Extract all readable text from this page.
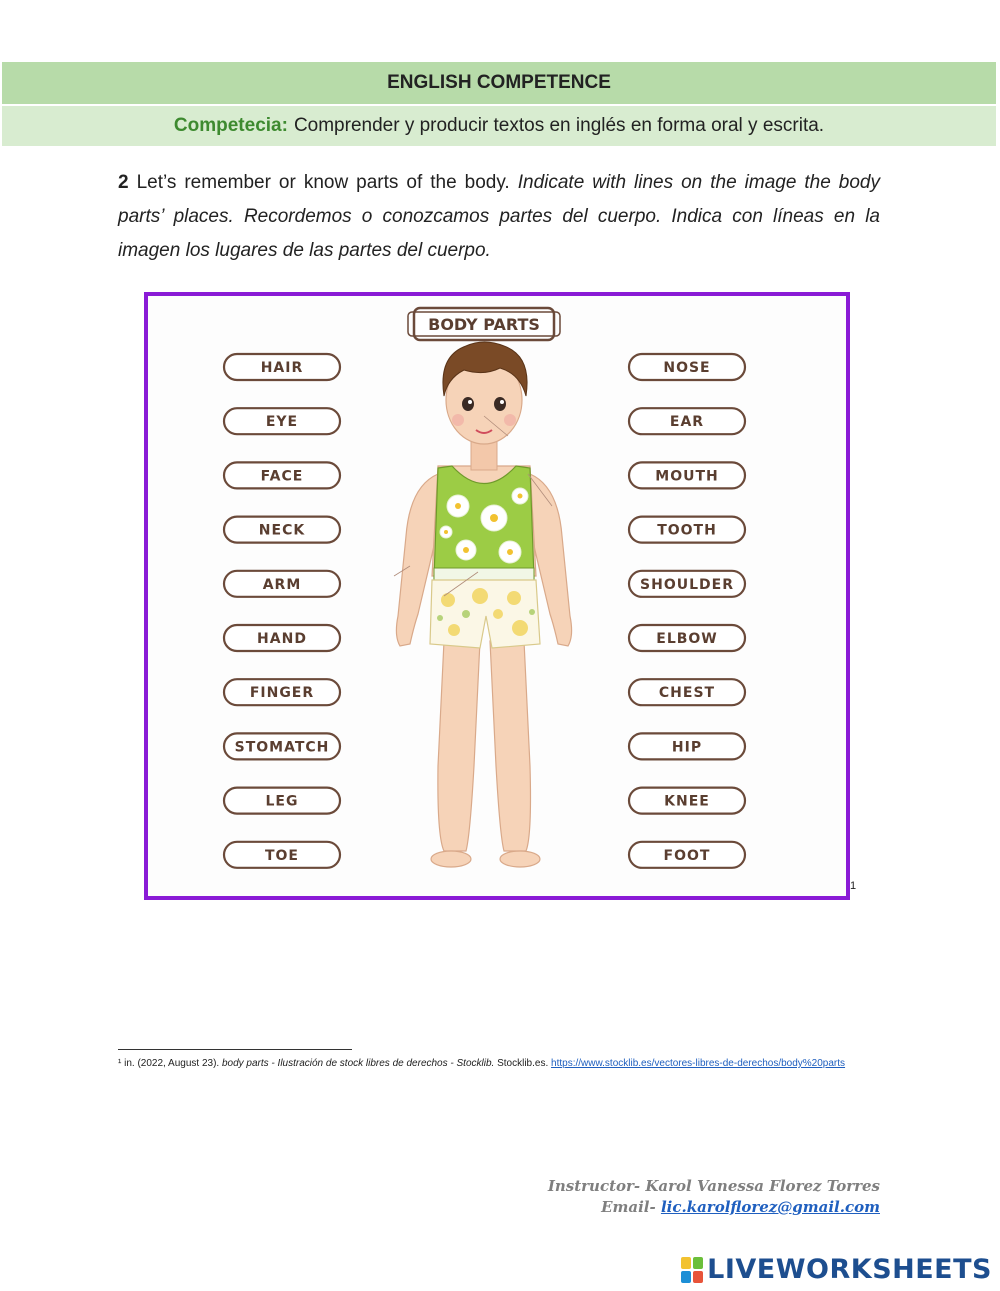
ENGLISH COMPETENCE
Competecia: Comprender y producir textos en inglés en forma oral y escrita.
2 Let’s remember or know parts of the body. Indicate with lines on the image the body parts’ places. Recordemos o conozcamos partes del cuerpo. Indica con líneas en la imagen los lugares de las partes del cuerpo.
BODY PARTS
HAIR
EYE
FACE
NECK
ARM
HAND
FINGER
STOMATCH
LEG
TOE
NOSE
EAR
MOUTH
TOOTH
SHOULDER
ELBOW
CHEST
HIP
KNEE
FOOT
1
¹ in. (2022, August 23). body parts - Ilustración de stock libres de derechos - Stocklib. Stocklib.es. https://www.stocklib.es/vectores-libres-de-derechos/body%20parts
Instructor- Karol Vanessa Florez Torres
Email- lic.karolflorez@gmail.com
LIVEWORKSHEETS
